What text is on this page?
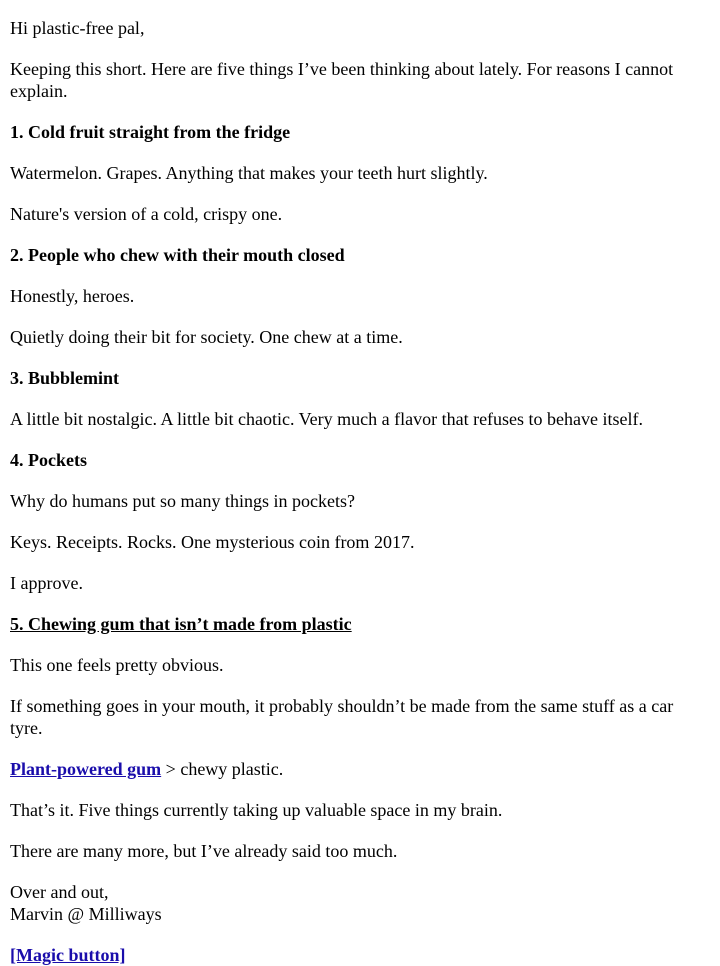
Hi plastic-free pal,

Keeping this short. Here are five things I’ve been thinking about lately. For reasons I cannot explain.

1. Cold fruit straight from the fridge

Watermelon. Grapes. Anything that makes your teeth hurt slightly.

Nature's version of a cold, crispy one.

2. People who chew with their mouth closed

Honestly, heroes.

Quietly doing their bit for society. One chew at a time.

3. Bubblemint

A little bit nostalgic. A little bit chaotic. Very much a flavor that refuses to behave itself.

4. Pockets

Why do humans put so many things in pockets?

Keys. Receipts. Rocks. One mysterious coin from 2017.

I approve.

5. Chewing gum that isn’t made from plastic

This one feels pretty obvious.

If something goes in your mouth, it probably shouldn’t be made from the same stuff as a car tyre.

Plant-powered gum > chewy plastic.

That’s it. Five things currently taking up valuable space in my brain.

There are many more, but I’ve already said too much.

Over and out,

Marvin @ Milliways

[Magic button]
